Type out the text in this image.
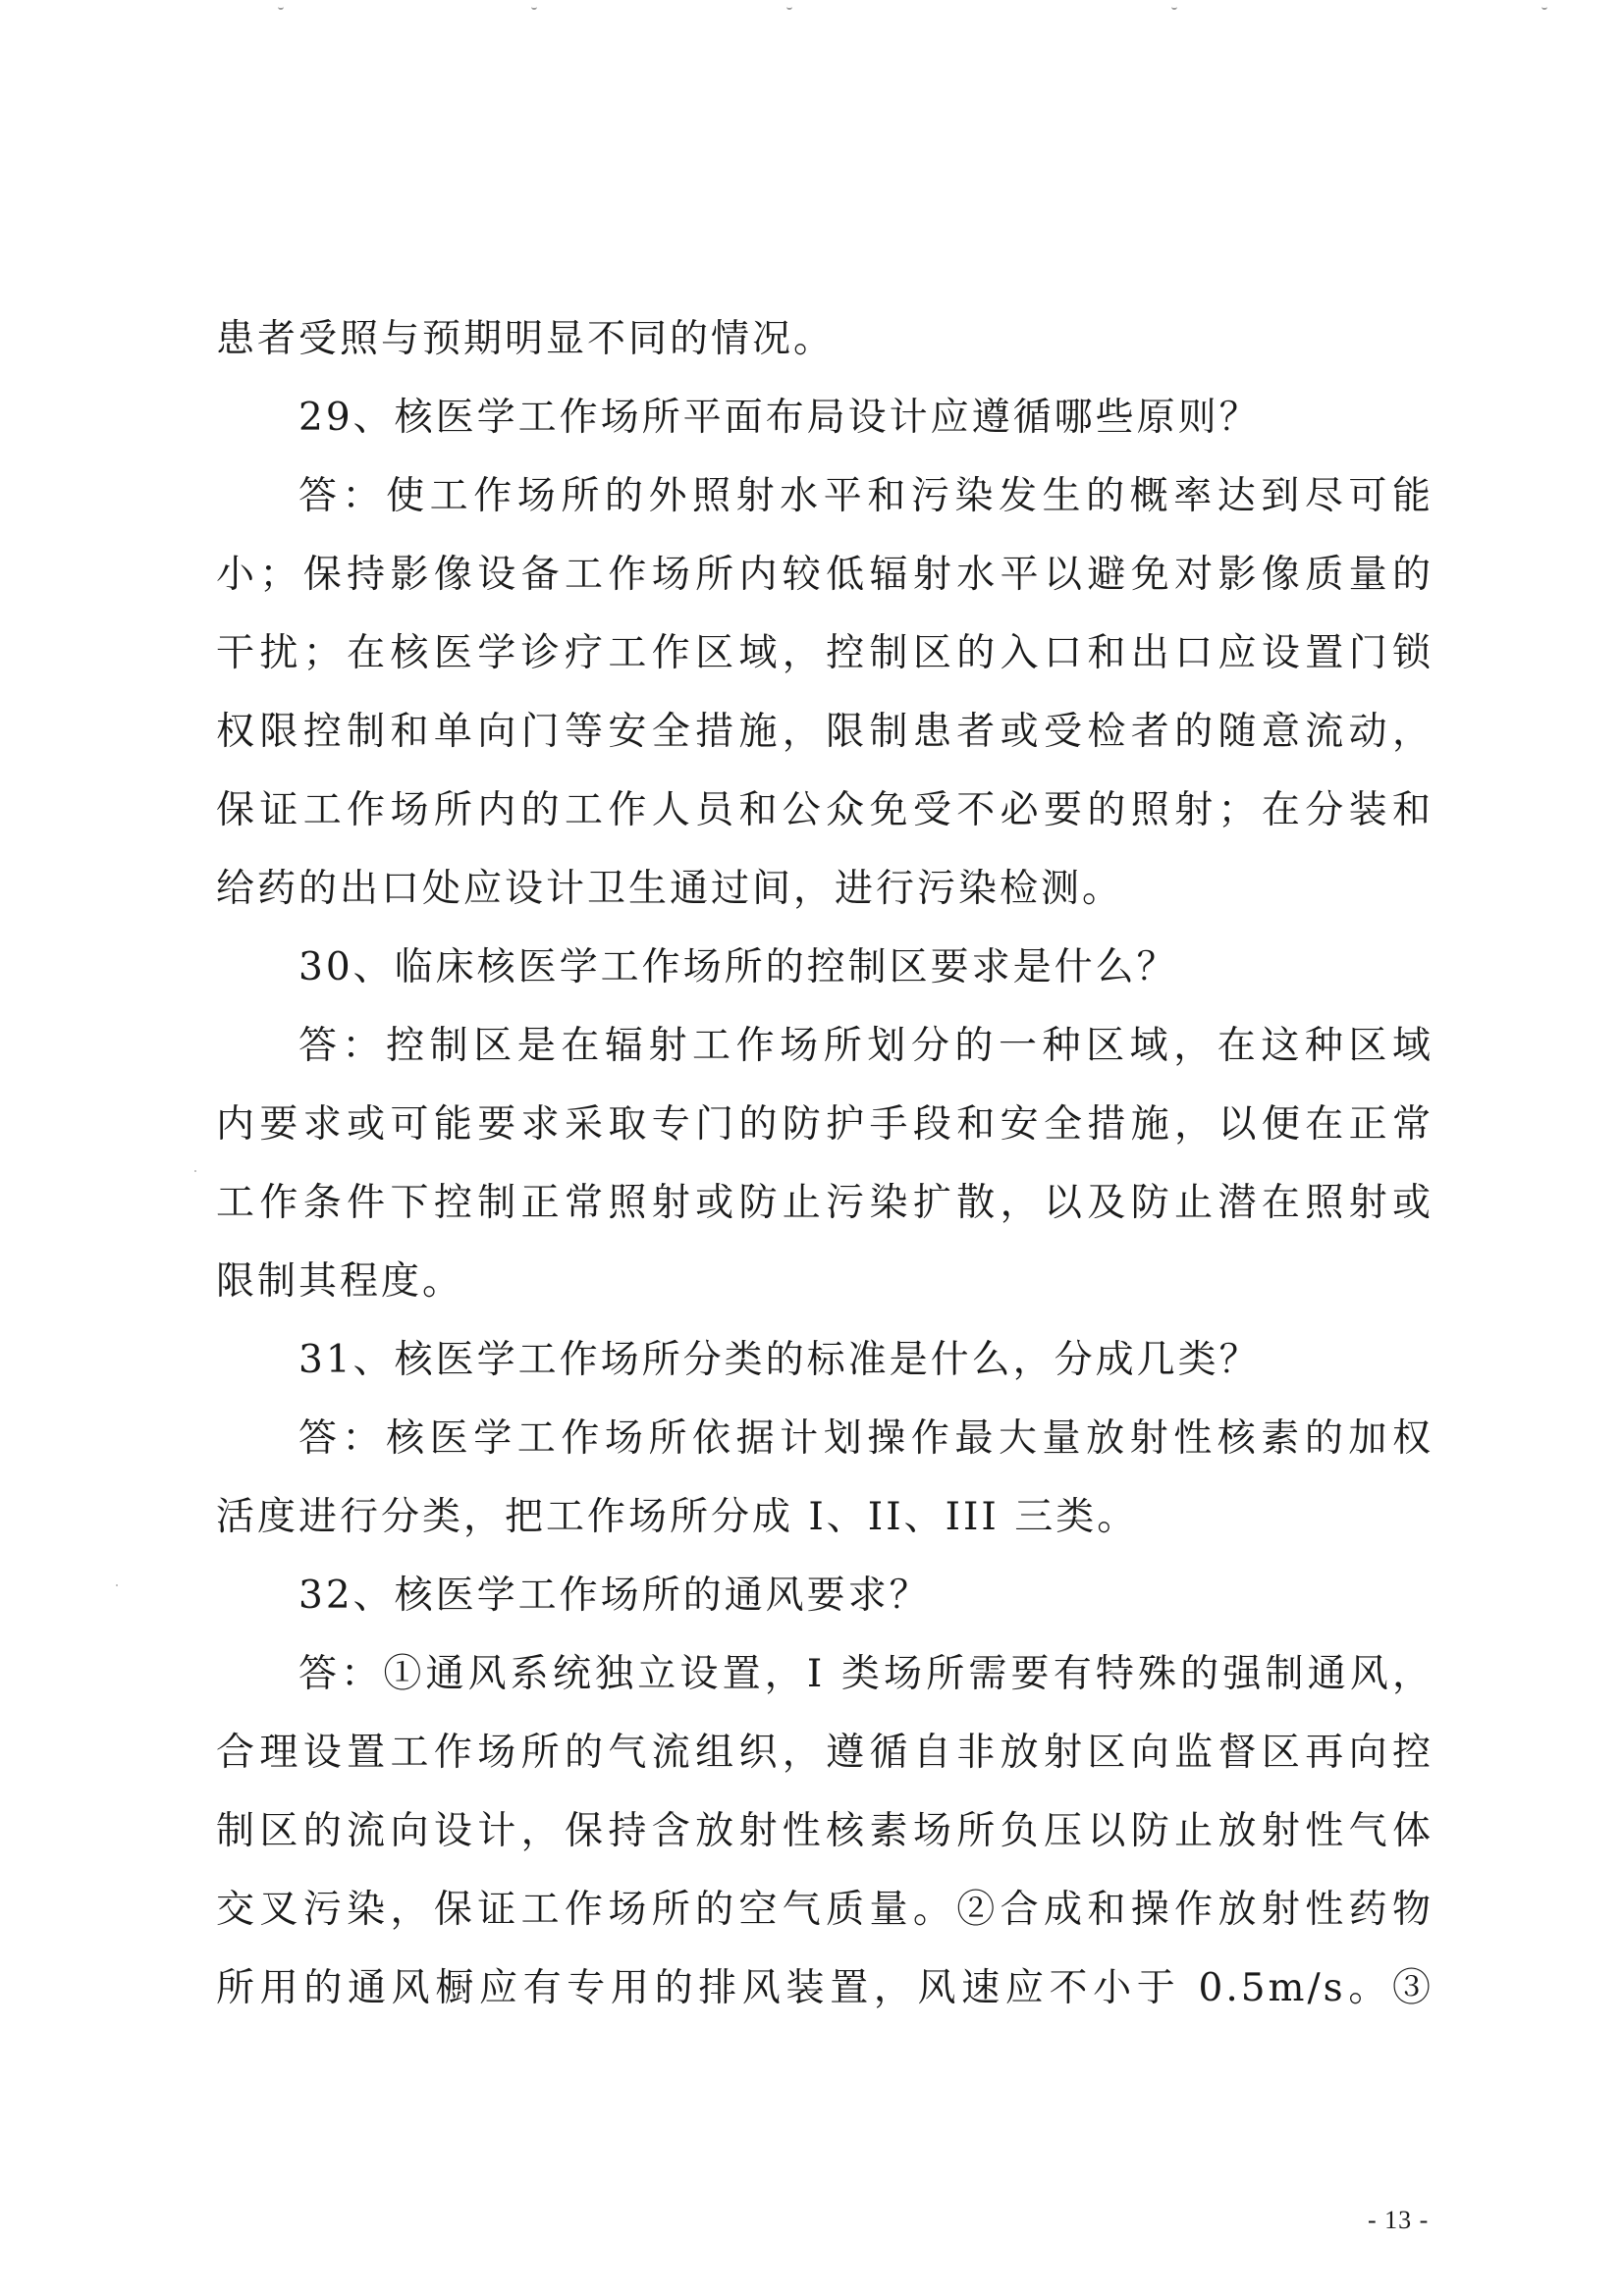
患者受照与预期明显不同的情况。
29、核医学工作场所平面布局设计应遵循哪些原则？
答：使工作场所的外照射水平和污染发生的概率达到尽可能
小；保持影像设备工作场所内较低辐射水平以避免对影像质量的
干扰；在核医学诊疗工作区域，控制区的入口和出口应设置门锁
权限控制和单向门等安全措施，限制患者或受检者的随意流动，
保证工作场所内的工作人员和公众免受不必要的照射；在分装和
给药的出口处应设计卫生通过间，进行污染检测。
30、临床核医学工作场所的控制区要求是什么？
答：控制区是在辐射工作场所划分的一种区域，在这种区域
内要求或可能要求采取专门的防护手段和安全措施，以便在正常
工作条件下控制正常照射或防止污染扩散，以及防止潜在照射或
限制其程度。
31、核医学工作场所分类的标准是什么，分成几类？
答：核医学工作场所依据计划操作最大量放射性核素的加权
活度进行分类，把工作场所分成 I、II、III 三类。
32、核医学工作场所的通风要求？
答：①通风系统独立设置，I 类场所需要有特殊的强制通风，
合理设置工作场所的气流组织，遵循自非放射区向监督区再向控
制区的流向设计，保持含放射性核素场所负压以防止放射性气体
交叉污染，保证工作场所的空气质量。②合成和操作放射性药物
所用的通风橱应有专用的排风装置，风速应不小于 0.5m/s。③
- 13 -
